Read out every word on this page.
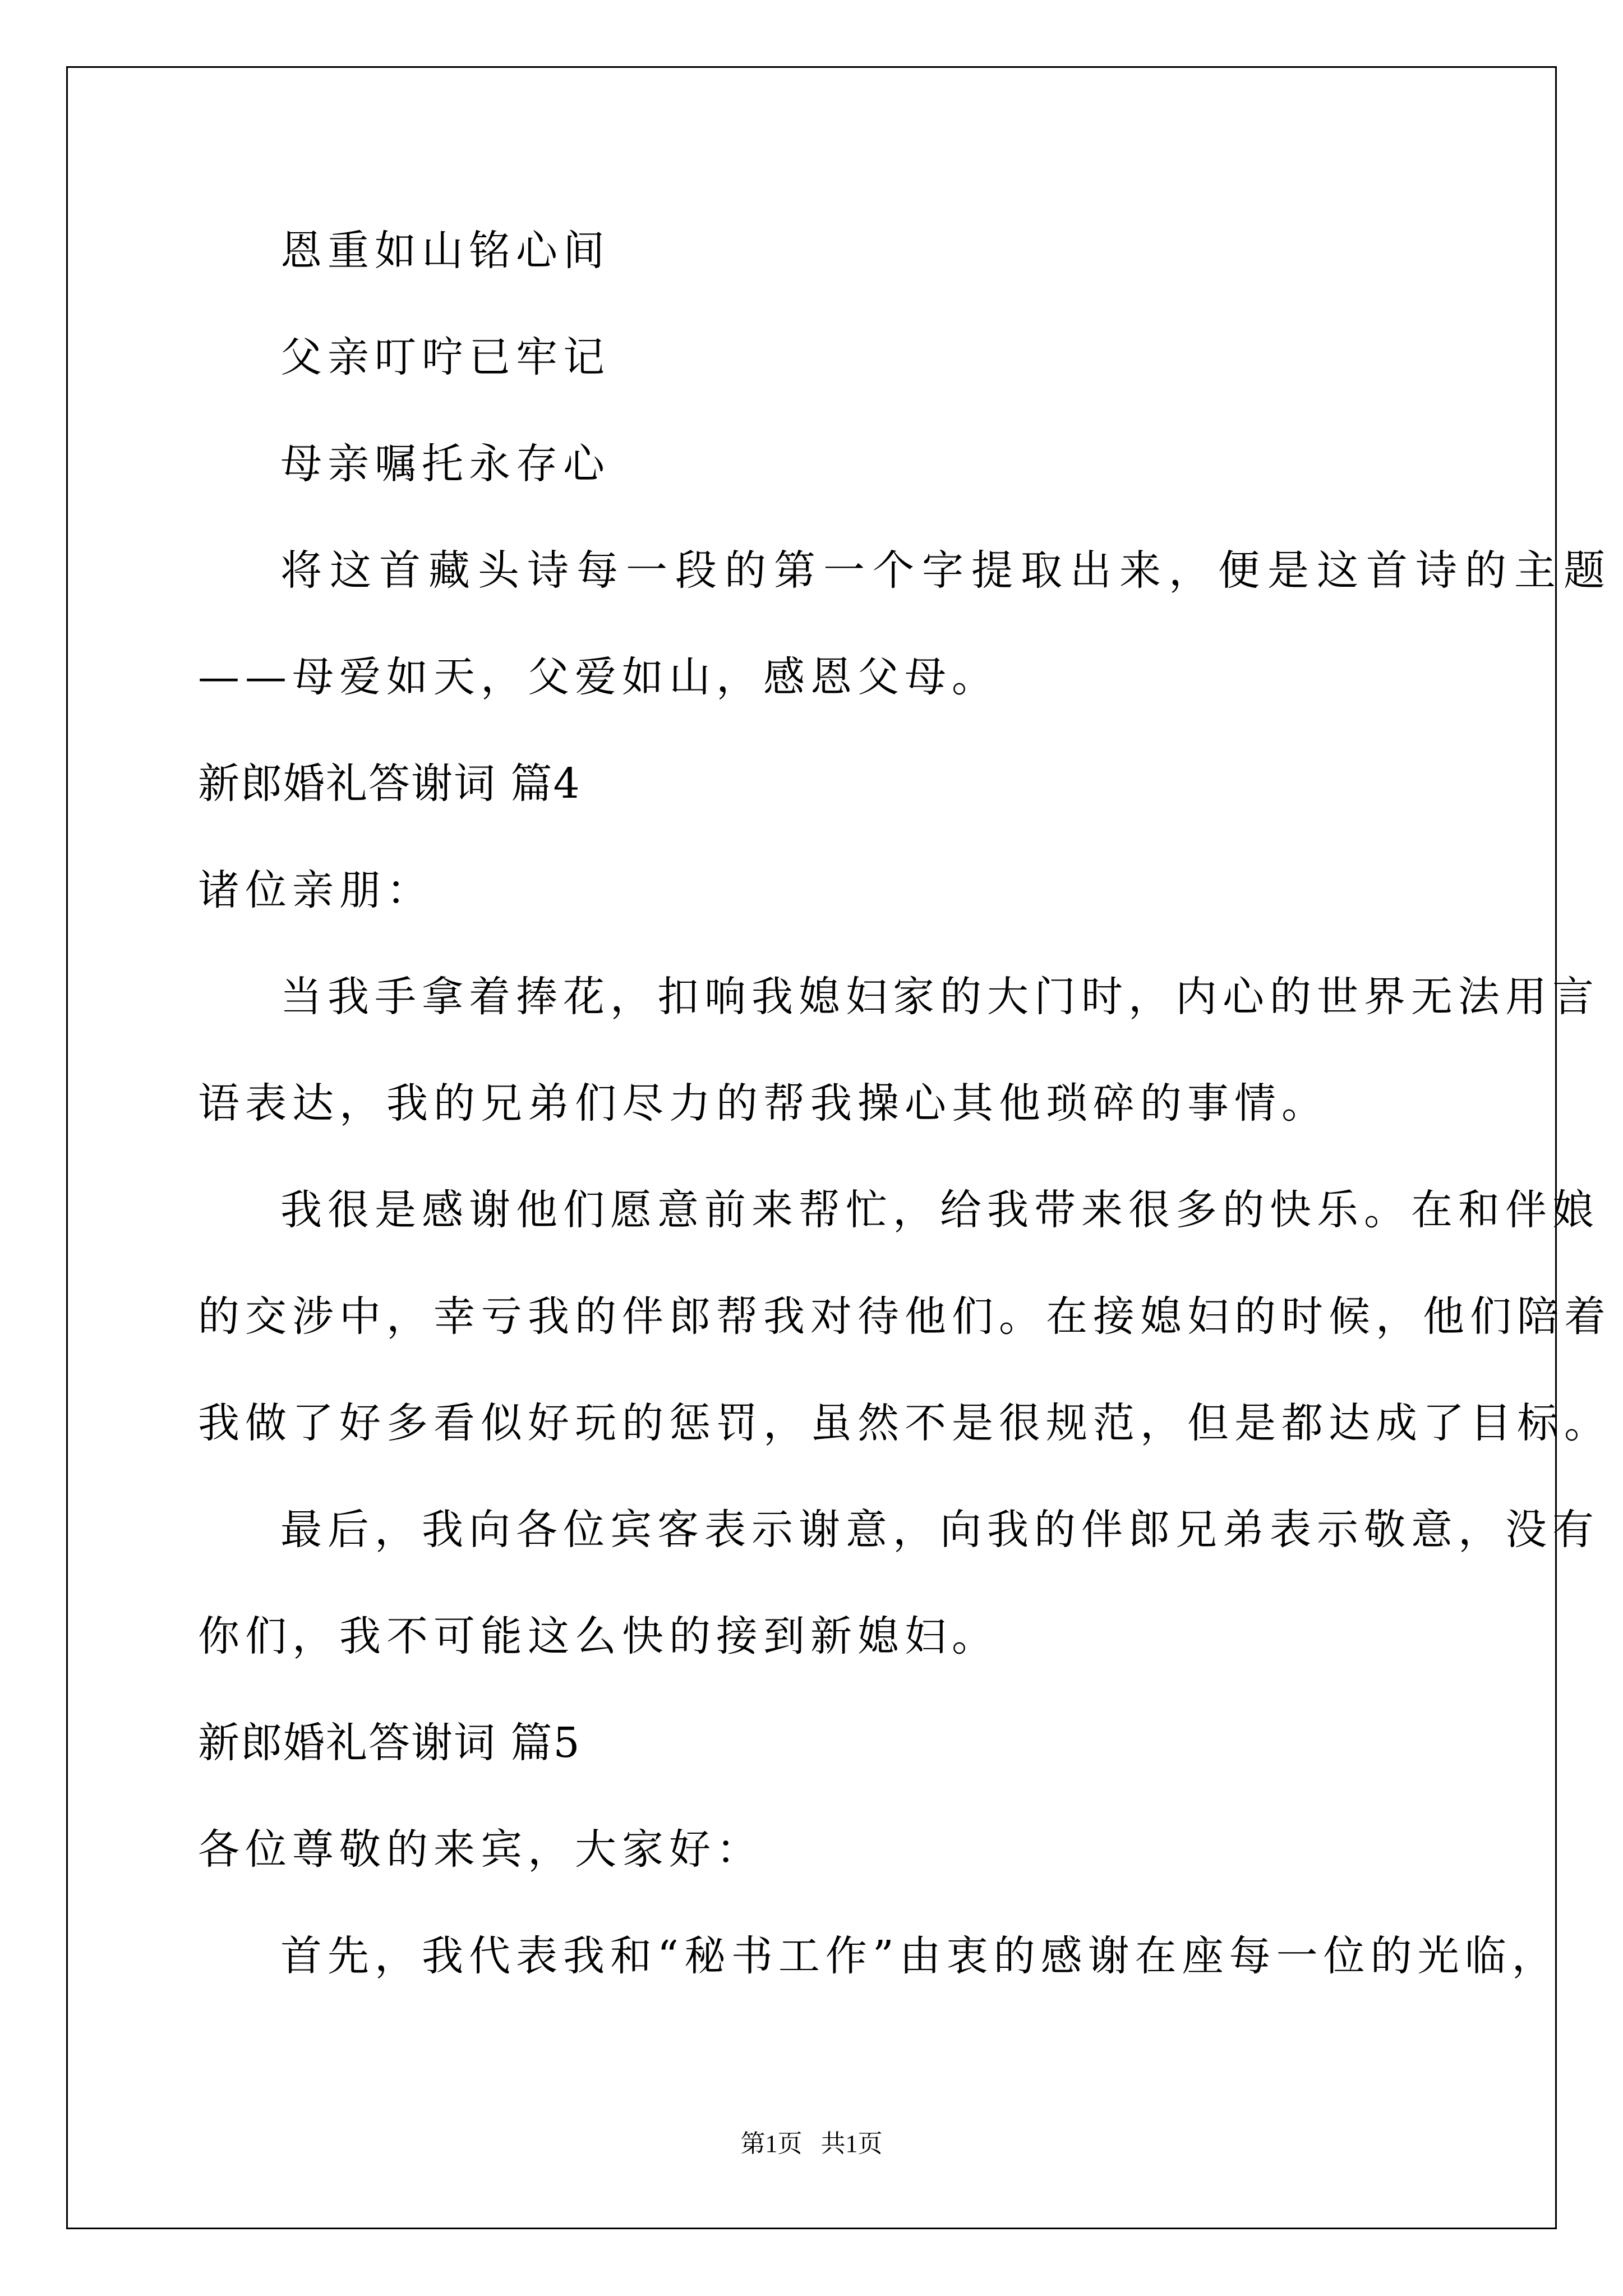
恩重如山铭心间

父亲叮咛已牢记

母亲嘱托永存心

将这首藏头诗每一段的第一个字提取出来，便是这首诗的主题

——母爱如天，父爱如山，感恩父母。

新郎婚礼答谢词 篇4

诸位亲朋：

当我手拿着捧花，扣响我媳妇家的大门时，内心的世界无法用言

语表达，我的兄弟们尽力的帮我操心其他琐碎的事情。

我很是感谢他们愿意前来帮忙，给我带来很多的快乐。在和伴娘

的交涉中，幸亏我的伴郎帮我对待他们。在接媳妇的时候，他们陪着

我做了好多看似好玩的惩罚，虽然不是很规范，但是都达成了目标。

最后，我向各位宾客表示谢意，向我的伴郎兄弟表示敬意，没有

你们，我不可能这么快的接到新媳妇。

新郎婚礼答谢词 篇5

各位尊敬的来宾，大家好：

首先，我代表我和“秘书工作”由衷的感谢在座每一位的光临，

第1页   共1页
